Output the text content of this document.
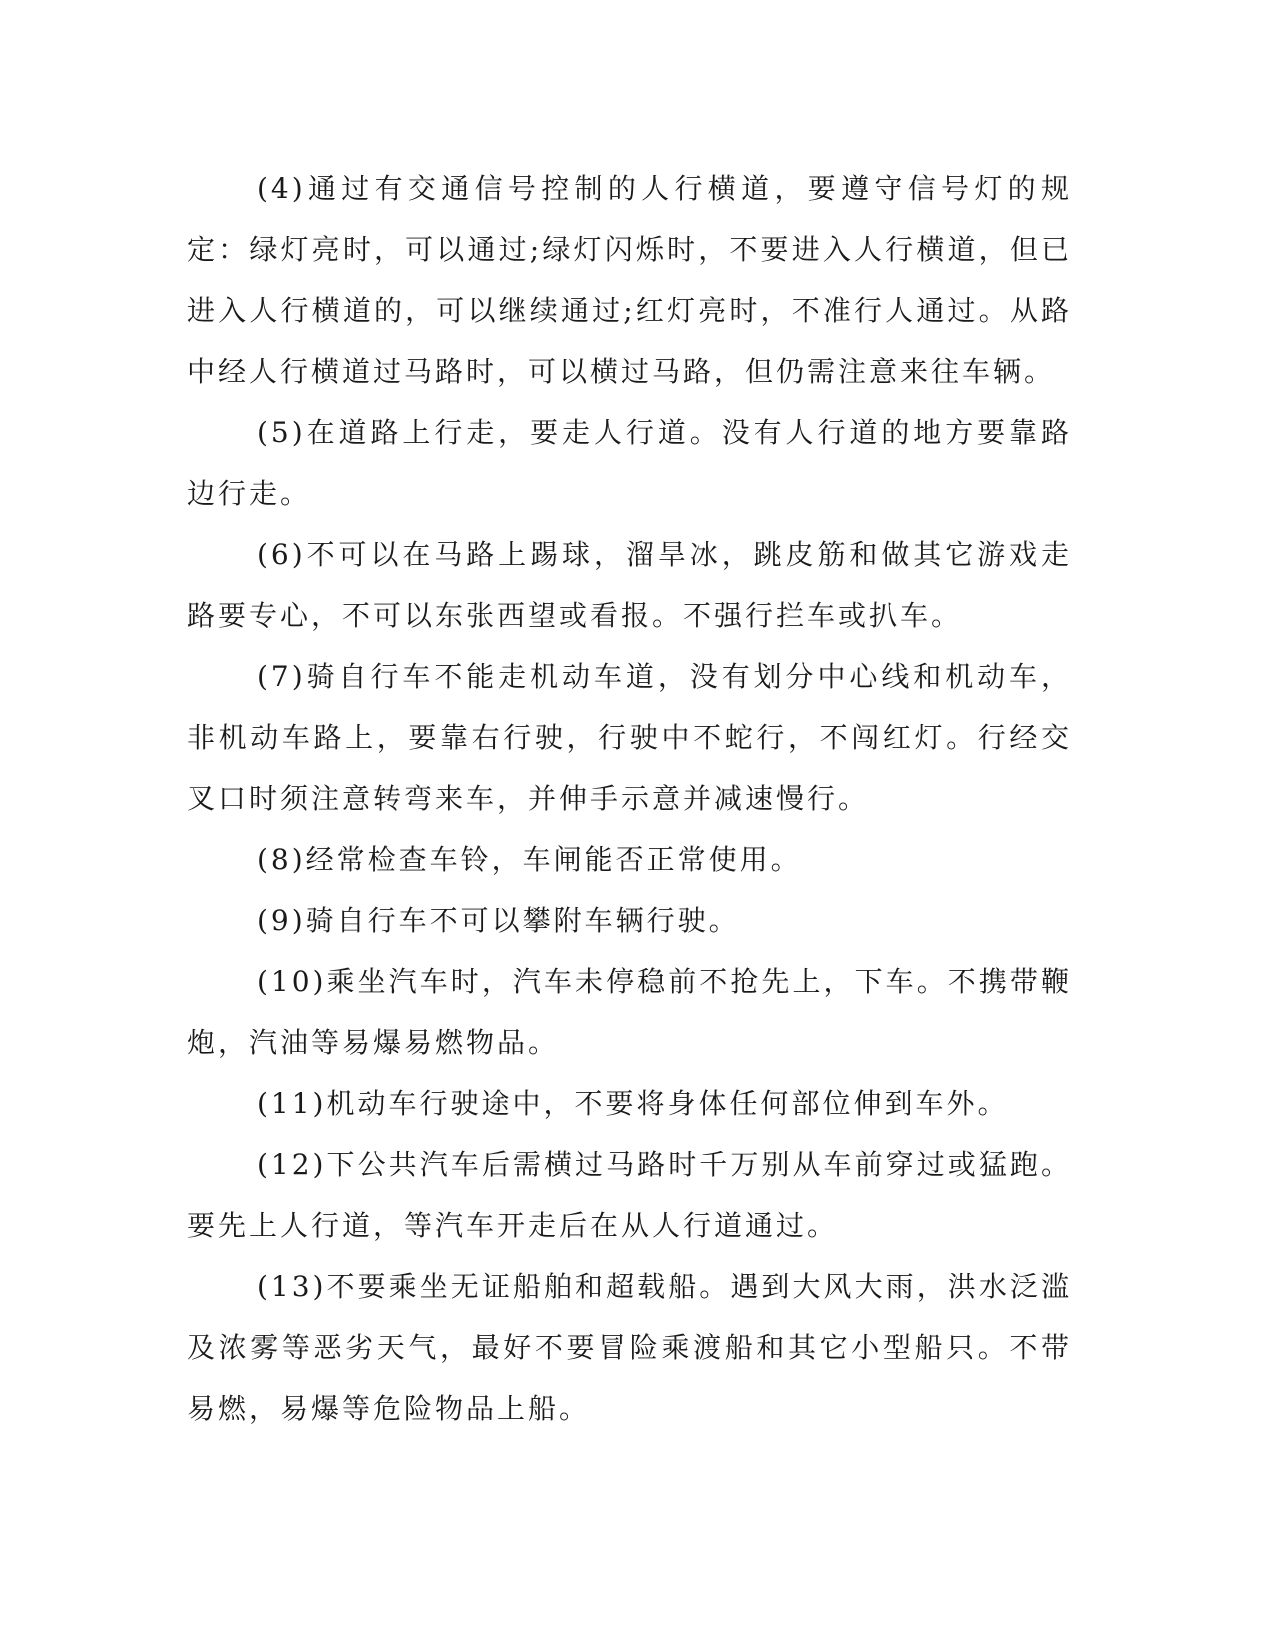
(4)通过有交通信号控制的人行横道，要遵守信号灯的规定：绿灯亮时，可以通过;绿灯闪烁时，不要进入人行横道，但已进入人行横道的，可以继续通过;红灯亮时，不准行人通过。从路中经人行横道过马路时，可以横过马路，但仍需注意来往车辆。

(5)在道路上行走，要走人行道。没有人行道的地方要靠路边行走。

(6)不可以在马路上踢球，溜旱冰，跳皮筋和做其它游戏走路要专心，不可以东张西望或看报。不强行拦车或扒车。

(7)骑自行车不能走机动车道，没有划分中心线和机动车，非机动车路上，要靠右行驶，行驶中不蛇行，不闯红灯。行经交叉口时须注意转弯来车，并伸手示意并减速慢行。

(8)经常检查车铃，车闸能否正常使用。

(9)骑自行车不可以攀附车辆行驶。

(10)乘坐汽车时，汽车未停稳前不抢先上，下车。不携带鞭炮，汽油等易爆易燃物品。

(11)机动车行驶途中，不要将身体任何部位伸到车外。

(12)下公共汽车后需横过马路时千万别从车前穿过或猛跑。要先上人行道，等汽车开走后在从人行道通过。

(13)不要乘坐无证船舶和超载船。遇到大风大雨，洪水泛滥及浓雾等恶劣天气，最好不要冒险乘渡船和其它小型船只。不带易燃，易爆等危险物品上船。
